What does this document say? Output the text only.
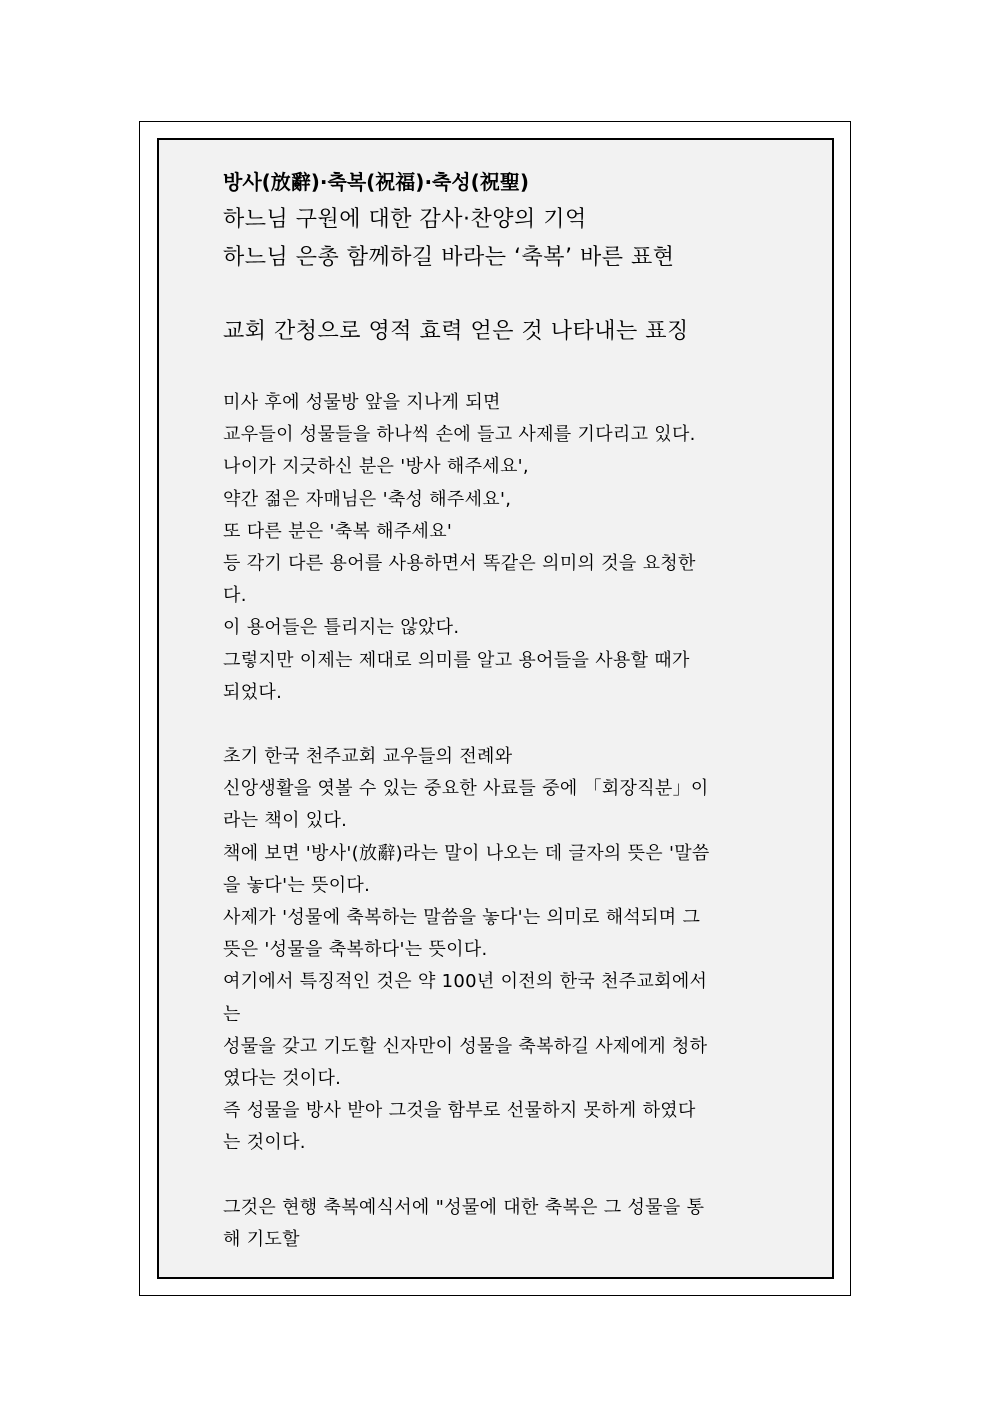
방사(放辭)·축복(祝福)·축성(祝聖)

하느님 구원에 대한 감사·찬양의 기억

하느님 은총 함께하길 바라는 ‘축복’ 바른 표현

교회 간청으로 영적 효력 얻은 것 나타내는 표징

미사 후에 성물방 앞을 지나게 되면

교우들이 성물들을 하나씩 손에 들고 사제를 기다리고 있다.

나이가 지긋하신 분은 '방사 해주세요',

약간 젊은 자매님은 '축성 해주세요',

또 다른 분은 '축복 해주세요'

등 각기 다른 용어를 사용하면서 똑같은 의미의 것을 요청한

다.

이 용어들은 틀리지는 않았다.

그렇지만 이제는 제대로 의미를 알고 용어들을 사용할 때가

되었다.

초기 한국 천주교회 교우들의 전례와

신앙생활을 엿볼 수 있는 중요한 사료들 중에 「회장직분」이

라는 책이 있다.

책에 보면 '방사'(放辭)라는 말이 나오는 데 글자의 뜻은 '말씀

을 놓다'는 뜻이다.

사제가 '성물에 축복하는 말씀을 놓다'는 의미로 해석되며 그

뜻은 '성물을 축복하다'는 뜻이다.

여기에서 특징적인 것은 약 100년 이전의 한국 천주교회에서

는

성물을 갖고 기도할 신자만이 성물을 축복하길 사제에게 청하

였다는 것이다.

즉 성물을 방사 받아 그것을 함부로 선물하지 못하게 하였다

는 것이다.

그것은 현행 축복예식서에 "성물에 대한 축복은 그 성물을 통

해 기도할
